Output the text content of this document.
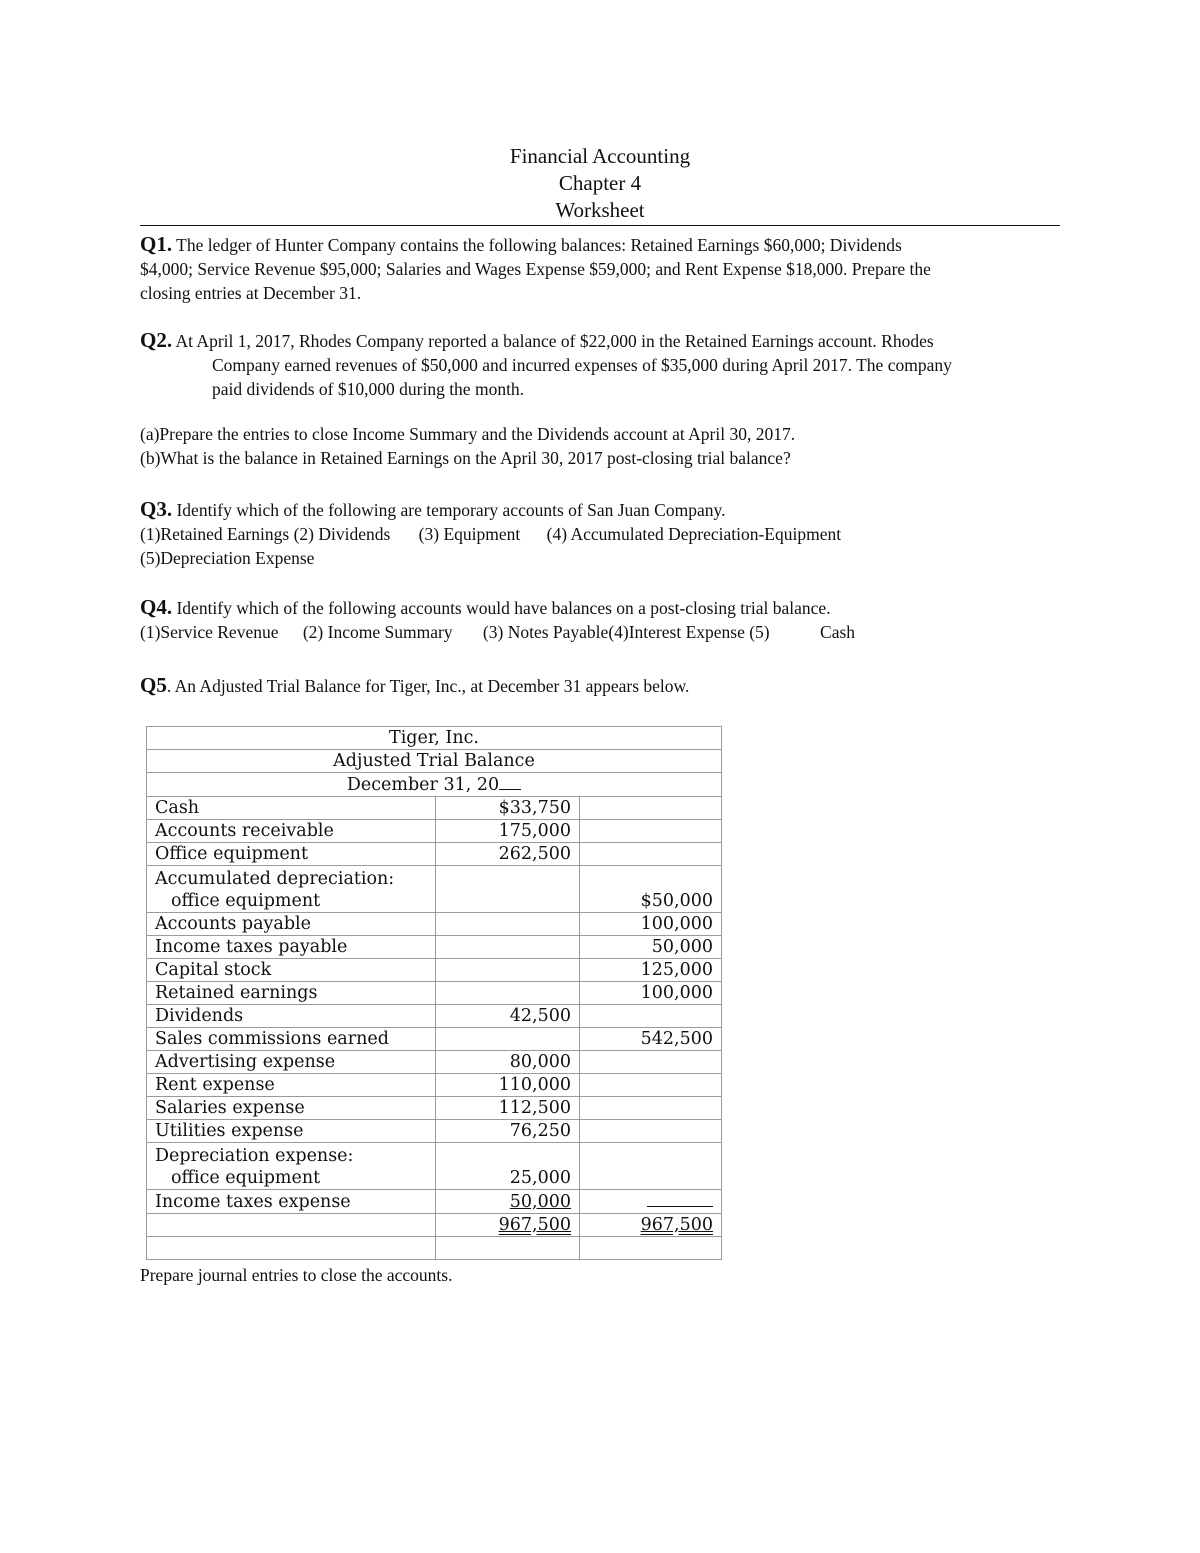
Financial Accounting
Chapter 4
Worksheet
Q1. The ledger of Hunter Company contains the following balances: Retained Earnings $60,000; Dividends
$4,000; Service Revenue $95,000; Salaries and Wages Expense $59,000; and Rent Expense $18,000. Prepare the
closing entries at December 31.
Q2. At April 1, 2017, Rhodes Company reported a balance of $22,000 in the Retained Earnings account. Rhodes
Company earned revenues of $50,000 and incurred expenses of $35,000 during April 2017. The company
paid dividends of $10,000 during the month.
(a)Prepare the entries to close Income Summary and the Dividends account at April 30, 2017.
(b)What is the balance in Retained Earnings on the April 30, 2017 post-closing trial balance?
Q3. Identify which of the following are temporary accounts of San Juan Company.
(1)Retained Earnings (2) Dividends (3) Equipment (4) Accumulated Depreciation-Equipment
(5)Depreciation Expense
Q4. Identify which of the following accounts would have balances on a post-closing trial balance.
(1)Service Revenue (2) Income Summary (3) Notes Payable(4)Interest Expense (5)	Cash
Q5. An Adjusted Trial Balance for Tiger, Inc., at December 31 appears below.
Tiger, Inc.		
Adjusted Trial Balance		
December 31, 20		
Cash	$33,750	
Accounts receivable	175,000	
Office equipment	262,500	

Accumulated depreciation:
office equipment		$50,000
Accounts payable		100,000
Income taxes payable		50,000
Capital stock		125,000
Retained earnings		100,000
Dividends	42,500	
Sales commissions earned		542,500
Advertising expense	80,000	
Rent expense	110,000	
Salaries expense	112,500	
Utilities expense	76,250	

Depreciation expense:
office equipment	25,000	
Income taxes expense	50,000	
	967,500	967,500

Prepare journal entries to close the accounts.
